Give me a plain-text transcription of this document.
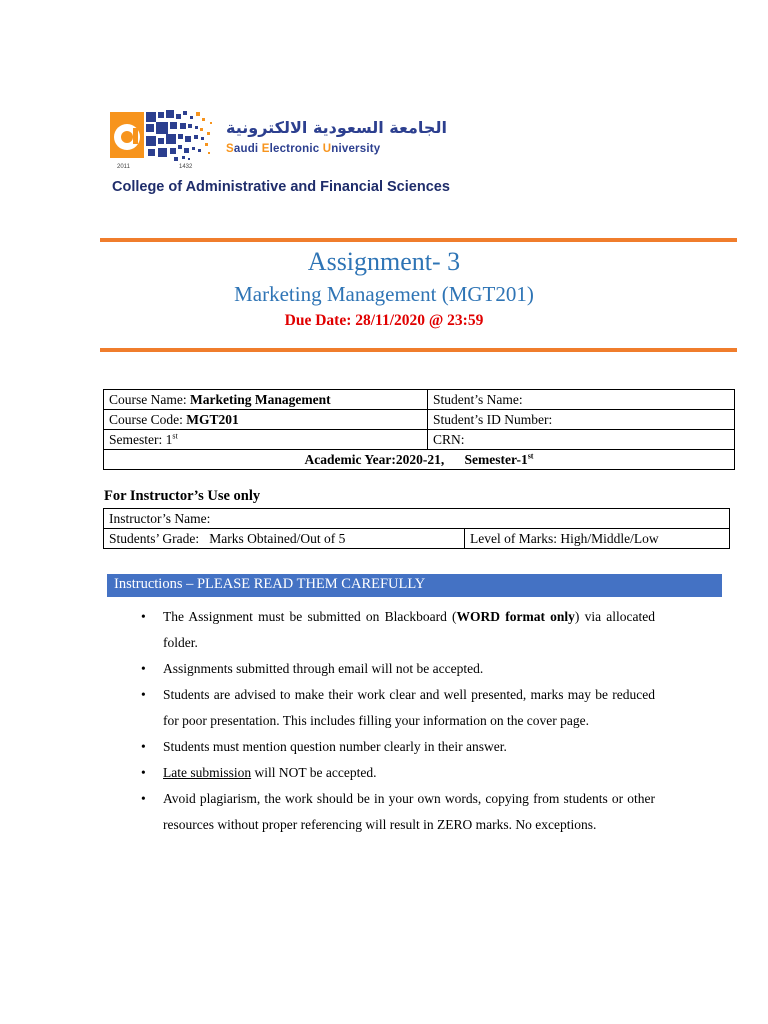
2011	1432
الجامعة السعودية الالكترونية
Saudi Electronic University
College of Administrative and Financial Sciences
Assignment- 3
Marketing Management (MGT201)
Due Date: 28/11/2020 @ 23:59
Course Name: Marketing Management	Student’s Name:
Course Code: MGT201	Student’s ID Number:
Semester: 1st	CRN:
Academic Year:2020-21,      Semester-1st
For Instructor’s Use only
Instructor’s Name:
Students’ Grade:   Marks Obtained/Out of 5	Level of Marks: High/Middle/Low
Instructions – PLEASE READ THEM CAREFULLY
• The Assignment must be submitted on Blackboard (WORD format only) via allocated folder.
• Assignments submitted through email will not be accepted.
• Students are advised to make their work clear and well presented, marks may be reduced for poor presentation. This includes filling your information on the cover page.
• Students must mention question number clearly in their answer.
• Late submission will NOT be accepted.
• Avoid plagiarism, the work should be in your own words, copying from students or other resources without proper referencing will result in ZERO marks. No exceptions.
